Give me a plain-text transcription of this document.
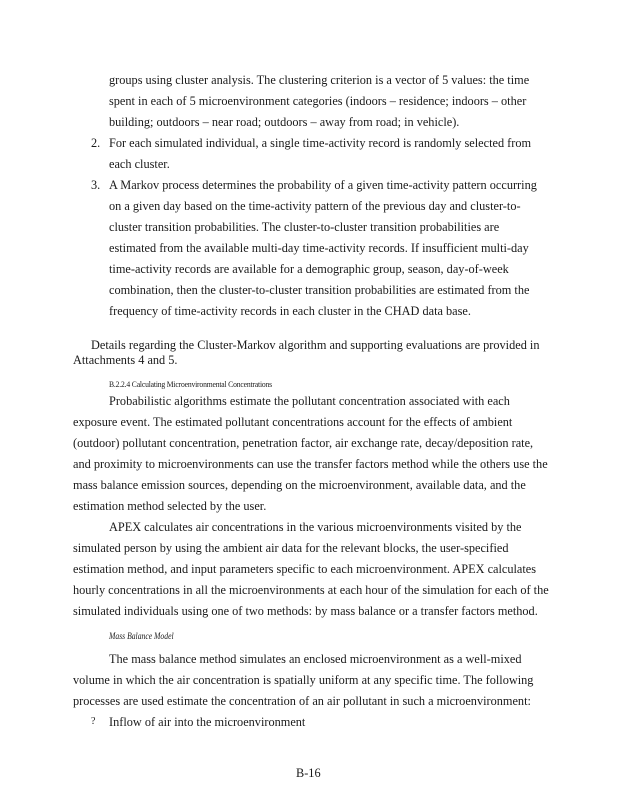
groups using cluster analysis. The clustering criterion is a vector of 5 values: the time
spent in each of 5 microenvironment categories (indoors – residence; indoors – other
building; outdoors – near road; outdoors – away from road; in vehicle).
2. For each simulated individual, a single time-activity record is randomly selected from
each cluster.
3. A Markov process determines the probability of a given time-activity pattern occurring
on a given day based on the time-activity pattern of the previous day and cluster-to-
cluster transition probabilities. The cluster-to-cluster transition probabilities are
estimated from the available multi-day time-activity records. If insufficient multi-day
time-activity records are available for a demographic group, season, day-of-week
combination, then the cluster-to-cluster transition probabilities are estimated from the
frequency of time-activity records in each cluster in the CHAD data base.
Details regarding the Cluster-Markov algorithm and supporting evaluations are provided in
Attachments 4 and 5.
B.2.2.4 Calculating Microenvironmental Concentrations
Probabilistic algorithms estimate the pollutant concentration associated with each
exposure event. The estimated pollutant concentrations account for the effects of ambient
(outdoor) pollutant concentration, penetration factor, air exchange rate, decay/deposition rate,
and proximity to microenvironments can use the transfer factors method while the others use the
mass balance emission sources, depending on the microenvironment, available data, and the
estimation method selected by the user.
APEX calculates air concentrations in the various microenvironments visited by the
simulated person by using the ambient air data for the relevant blocks, the user-specified
estimation method, and input parameters specific to each microenvironment. APEX calculates
hourly concentrations in all the microenvironments at each hour of the simulation for each of the
simulated individuals using one of two methods: by mass balance or a transfer factors method.
Mass Balance Model
The mass balance method simulates an enclosed microenvironment as a well-mixed
volume in which the air concentration is spatially uniform at any specific time. The following
processes are used estimate the concentration of an air pollutant in such a microenvironment:
? Inflow of air into the microenvironment
B-16
